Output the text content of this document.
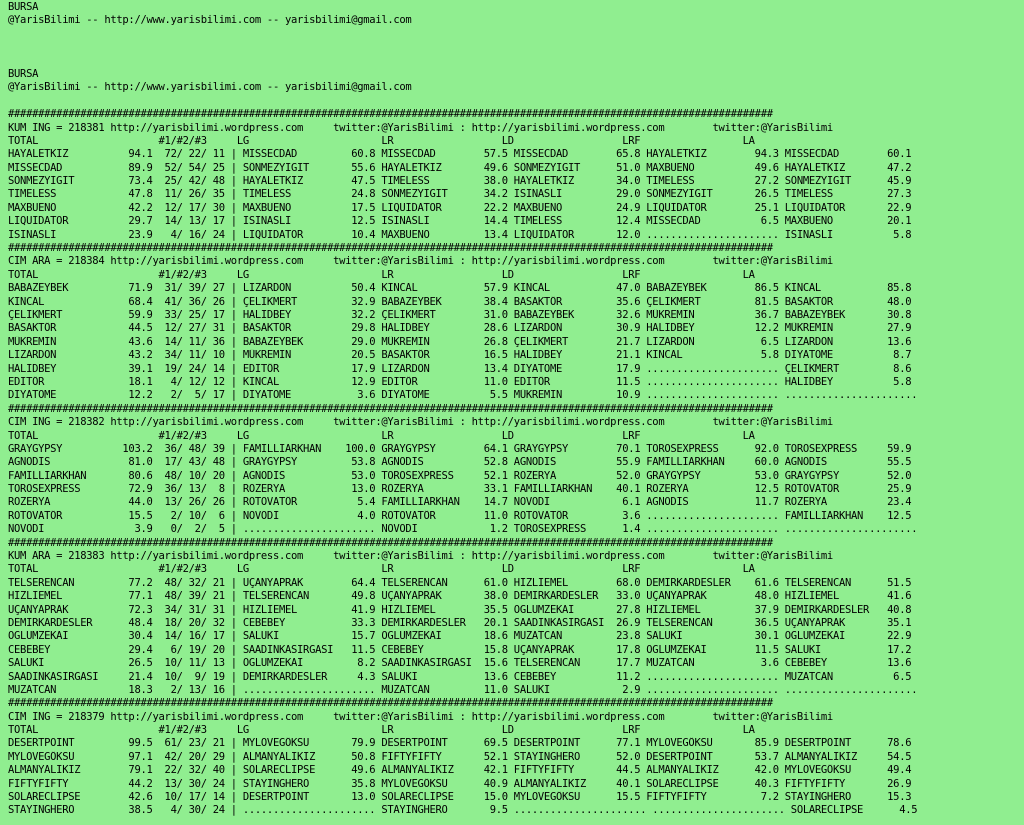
BURSA
@YarisBilimi -- http://www.yarisbilimi.com -- yarisbilimi@gmail.com

BURSA
@YarisBilimi -- http://www.yarisbilimi.com -- yarisbilimi@gmail.com

###############################################################################################################################
KUM ING = 218381 http://yarisbilimi.wordpress.com     twitter:@YarisBilimi : http://yarisbilimi.wordpress.com        twitter:@YarisBilimi
TOTAL                    #1/#2/#3     LG                      LR                  LD                  LRF                 LA
HAYALETKIZ          94.1  72/ 22/ 11 | MISSECDAD         60.8 MISSECDAD        57.5 MISSECDAD        65.8 HAYALETKIZ        94.3 MISSECDAD        60.1
MISSECDAD           89.9  52/ 54/ 25 | SÖNMEZYIGIT       55.6 HAYALETKIZ       49.6 SÖNMEZYIGIT      51.0 MAXBUENO          49.6 HAYALETKIZ       47.2
SÖNMEZYIGIT         73.4  25/ 42/ 48 | HAYALETKIZ        47.5 TIMELESS         38.0 HAYALETKIZ       34.0 TIMELESS          27.2 SÖNMEZYIGIT      45.9
TIMELESS            47.8  11/ 26/ 35 | TIMELESS          24.8 SÖNMEZYIGIT      34.2 ISINASLI         29.0 SÖNMEZYIGIT       26.5 TIMELESS         27.3
MAXBUENO            42.2  12/ 17/ 30 | MAXBUENO          17.5 LIQUIDATOR       22.2 MAXBUENO         24.9 LIQUIDATOR        25.1 LIQUIDATOR       22.9
LIQUIDATOR          29.7  14/ 13/ 17 | ISINASLI          12.5 ISINASLI         14.4 TIMELESS         12.4 MISSECDAD          6.5 MAXBUENO         20.1
ISINASLI            23.9   4/ 16/ 24 | LIQUIDATOR        10.4 MAXBUENO         13.4 LIQUIDATOR       12.0 ...................... ISINASLI          5.8
###############################################################################################################################
CIM ARA = 218384 http://yarisbilimi.wordpress.com     twitter:@YarisBilimi : http://yarisbilimi.wordpress.com        twitter:@YarisBilimi
TOTAL                    #1/#2/#3     LG                      LR                  LD                  LRF                 LA
BABAZEYBEK          71.9  31/ 39/ 27 | LIZARDON          50.4 KINCAL           57.9 KINCAL           47.0 BABAZEYBEK        86.5 KINCAL           85.8
KINCAL              68.4  41/ 36/ 26 | ÇELIKMERT         32.9 BABAZEYBEK       38.4 BASAKTÖR         35.6 ÇELIKMERT         81.5 BASAKTÖR         48.0
ÇELIKMERT           59.9  33/ 25/ 17 | HALIDBEY          32.2 ÇELIKMERT        31.0 BABAZEYBEK       32.6 MÜKREMIN          36.7 BABAZEYBEK       30.8
BASAKTÖR            44.5  12/ 27/ 31 | BASAKTÖR          29.8 HALIDBEY         28.6 LIZARDON         30.9 HALIDBEY          12.2 MÜKREMIN         27.9
MÜKREMIN            43.6  14/ 11/ 36 | BABAZEYBEK        29.0 MÜKREMIN         26.8 ÇELIKMERT        21.7 LIZARDON           6.5 LIZARDON         13.6
LIZARDON            43.2  34/ 11/ 10 | MÜKREMIN          20.5 BASAKTÖR         16.5 HALIDBEY         21.1 KINCAL             5.8 DIYATOME          8.7
HALIDBEY            39.1  19/ 24/ 14 | EDITÖR            17.9 LIZARDON         13.4 DIYATOME         17.9 ...................... ÇELIKMERT         8.6
EDITÖR              18.1   4/ 12/ 12 | KINCAL            12.9 EDITÖR           11.0 EDITÖR           11.5 ...................... HALIDBEY          5.8
DIYATOME            12.2   2/  5/ 17 | DIYATOME           3.6 DIYATOME          5.5 MÜKREMIN         10.9 ...................... ......................
###############################################################################################################################
CIM ING = 218382 http://yarisbilimi.wordpress.com     twitter:@YarisBilimi : http://yarisbilimi.wordpress.com        twitter:@YarisBilimi
TOTAL                    #1/#2/#3     LG                      LR                  LD                  LRF                 LA
GRAYGYPSY          103.2  36/ 48/ 39 | FAMILLIARKHAN    100.0 GRAYGYPSY        64.1 GRAYGYPSY        70.1 TOROSEXPRESS      92.0 TOROSEXPRESS     59.9
AGNODIS             81.0  17/ 43/ 48 | GRAYGYPSY         53.8 AGNODIS          52.8 AGNODIS          55.9 FAMILLIARKHAN     60.0 AGNODIS          55.5
FAMILLIARKHAN       80.6  48/ 10/ 20 | AGNODIS           53.0 TOROSEXPRESS     52.1 ROZERYA          52.0 GRAYGYPSY         53.0 GRAYGYPSY        52.0
TOROSEXPRESS        72.9  36/ 13/  8 | ROZERYA           13.0 ROZERYA          33.1 FAMILLIARKHAN    40.1 ROZERYA           12.5 ROTOVATÖR        25.9
ROZERYA             44.0  13/ 26/ 26 | ROTOVATÖR          5.4 FAMILLIARKHAN    14.7 NOVODI            6.1 AGNODIS           11.7 ROZERYA          23.4
ROTOVATÖR           15.5   2/ 10/  6 | NOVODI             4.0 ROTOVATÖR        11.0 ROTOVATÖR         3.6 ...................... FAMILLIARKHAN    12.5
NOVODI               3.9   0/  2/  5 | ...................... NOVODI            1.2 TOROSEXPRESS      1.4 ...................... ......................
###############################################################################################################################
KUM ARA = 218383 http://yarisbilimi.wordpress.com     twitter:@YarisBilimi : http://yarisbilimi.wordpress.com        twitter:@YarisBilimi
TOTAL                    #1/#2/#3     LG                      LR                  LD                  LRF                 LA
TELSERENCAN         77.2  48/ 32/ 21 | UÇANYAPRAK        64.4 TELSERENCAN      61.0 HIZLIEMEL        68.0 DEMIRKARDESLER    61.6 TELSERENCAN      51.5
HIZLIEMEL           77.1  48/ 39/ 21 | TELSERENCAN       49.8 UÇANYAPRAK       38.0 DEMIRKARDESLER   33.0 UÇANYAPRAK        48.0 HIZLIEMEL        41.6
UÇANYAPRAK          72.3  34/ 31/ 31 | HIZLIEMEL         41.9 HIZLIEMEL        35.5 OGLUMZEKAI       27.8 HIZLIEMEL         37.9 DEMIRKARDESLER   40.8
DEMIRKARDESLER      48.4  18/ 20/ 32 | CEBEBEY           33.3 DEMIRKARDESLER   20.1 SAADINKASIRGASI  26.9 TELSERENCAN       36.5 UÇANYAPRAK       35.1
OGLUMZEKAI          30.4  14/ 16/ 17 | SALUKI            15.7 OGLUMZEKAI       18.6 MUZATCAN         23.8 SALUKI            30.1 OGLUMZEKAI       22.9
CEBEBEY             29.4   6/ 19/ 20 | SAADINKASIRGASI   11.5 CEBEBEY          15.8 UÇANYAPRAK       17.8 OGLUMZEKAI        11.5 SALUKI           17.2
SALUKI              26.5  10/ 11/ 13 | OGLUMZEKAI         8.2 SAADINKASIRGASI  15.6 TELSERENCAN      17.7 MUZATCAN           3.6 CEBEBEY          13.6
SAADINKASIRGASI     21.4  10/  9/ 19 | DEMIRKARDESLER     4.3 SALUKI           13.6 CEBEBEY          11.2 ...................... MUZATCAN          6.5
MUZATCAN            18.3   2/ 13/ 16 | ...................... MUZATCAN         11.0 SALUKI            2.9 ...................... ......................
###############################################################################################################################
CIM ING = 218379 http://yarisbilimi.wordpress.com     twitter:@YarisBilimi : http://yarisbilimi.wordpress.com        twitter:@YarisBilimi
TOTAL                    #1/#2/#3     LG                      LR                  LD                  LRF                 LA
DESERTPOINT         99.5  61/ 23/ 21 | MYLOVEGÖKSU       79.9 DESERTPOINT      69.5 DESERTPOINT      77.1 MYLOVEGÖKSU       85.9 DESERTPOINT      78.6
MYLOVEGÖKSU         97.1  42/ 20/ 29 | ALMANYALIKIZ      50.8 FIFTYFIFTY       52.1 STAYINGHERO      52.0 DESERTPOINT       53.7 ALMANYALIKIZ     54.5
ALMANYALIKIZ        79.1  22/ 32/ 40 | SOLARECLIPSE      49.6 ALMANYALIKIZ     42.1 FIFTYFIFTY       44.5 ALMANYALIKIZ      42.0 MYLOVEGÖKSU      49.4
FIFTYFIFTY          44.2  13/ 30/ 24 | STAYINGHERO       35.8 MYLOVEGÖKSU      40.9 ALMANYALIKIZ     40.1 SOLARECLIPSE      40.3 FIFTYFIFTY       26.9
SOLARECLIPSE        42.6  10/ 17/ 14 | DESERTPOINT       13.0 SOLARECLIPSE     15.0 MYLOVEGÖKSU      15.5 FIFTYFIFTY         7.2 STAYINGHERO      15.3
STAYINGHERO         38.5   4/ 30/ 24 | ...................... STAYINGHERO       9.5 ...................... ...................... SOLARECLIPSE      4.5
